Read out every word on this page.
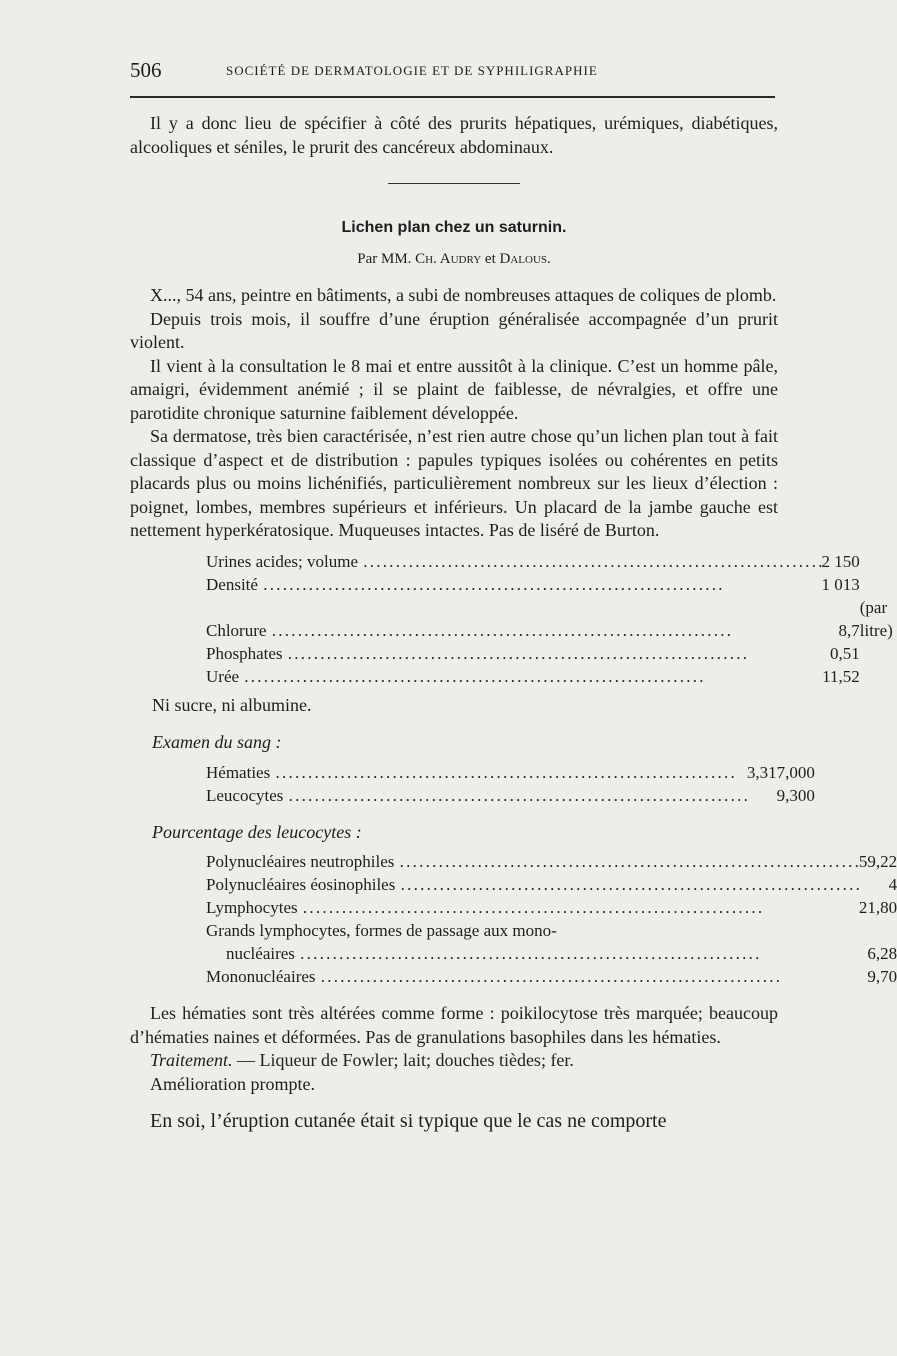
506	SOCIÉTÉ DE DERMATOLOGIE ET DE SYPHILIGRAPHIE

Il y a donc lieu de spécifier à côté des prurits hépatiques, urémiques, diabétiques, alcooliques et séniles, le prurit des cancéreux abdominaux.

Lichen plan chez un saturnin.
Par MM. Ch. Audry et Dalous.

X..., 54 ans, peintre en bâtiments, a subi de nombreuses attaques de coliques de plomb.

Depuis trois mois, il souffre d’une éruption généralisée accompagnée d’un prurit violent.

Il vient à la consultation le 8 mai et entre aussitôt à la clinique. C’est un homme pâle, amaigri, évidemment anémié ; il se plaint de faiblesse, de névralgies, et offre une parotidite chronique saturnine faiblement développée.

Sa dermatose, très bien caractérisée, n’est rien autre chose qu’un lichen plan tout à fait classique d’aspect et de distribution : papules typiques isolées ou cohérentes en petits placards plus ou moins lichénifiés, particulièrement nombreux sur les lieux d’élection : poignet, lombes, membres supérieurs et inférieurs. Un placard de la jambe gauche est nettement hyperkératosique. Muqueuses intactes. Pas de liséré de Burton.

Urines acides; volume . . .	2 150	
Densité . . .	1 013	
Chlorure . . .	8,7	(par litre)
Phosphates . . .	0,51	
Urée . . .	11,52	

Ni sucre, ni albumine.

Examen du sang :

Hématies . . .	3,317,000
Leucocytes . . .	9,300

Pourcentage des leucocytes :

Polynucléaires neutrophiles . . .	59,22
Polynucléaires éosinophiles . . .	4
Lymphocytes . . .	21,80
Grands lymphocytes, formes de passage aux mono-	
nucléaires . . .	6,28
Mononucléaires . . .	9,70

Les hématies sont très altérées comme forme : poikilocytose très marquée; beaucoup d’hématies naines et déformées. Pas de granulations basophiles dans les hématies.

Traitement. — Liqueur de Fowler; lait; douches tièdes; fer.

Amélioration prompte.

En soi, l’éruption cutanée était si typique que le cas ne comporte
